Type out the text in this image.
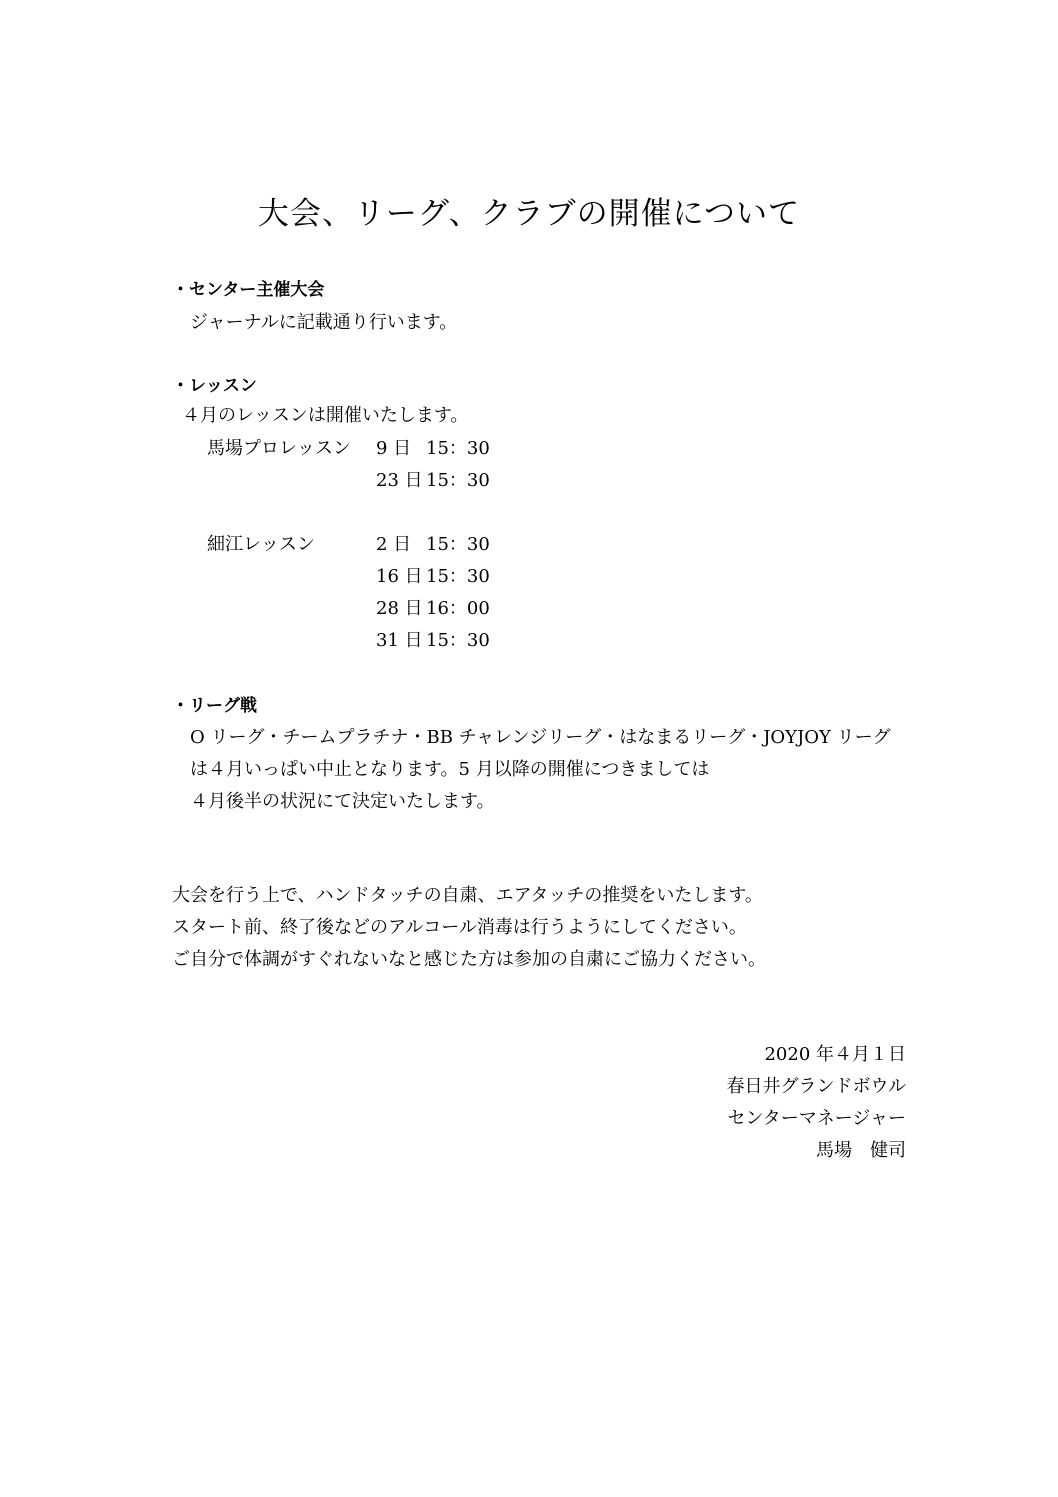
大会、リーグ、クラブの開催について
・センター主催大会
ジャーナルに記載通り行います。
・レッスン
４月のレッスンは開催いたします。
馬場プロレッスン 9 日 15：30
23 日 15：30
細江レッスン	2 日 15：30
16 日 15：30
28 日 16：00
31 日 15：30
・リーグ戦
O リーグ・チームプラチナ・BB チャレンジリーグ・はなまるリーグ・JOYJOY リーグ
は４月いっぱい中止となります。5 月以降の開催につきましては
４月後半の状況にて決定いたします。
大会を行う上で、ハンドタッチの自粛、エアタッチの推奨をいたします。
スタート前、終了後などのアルコール消毒は行うようにしてください。
ご自分で体調がすぐれないなと感じた方は参加の自粛にご協力ください。
2020 年４月１日
春日井グランドボウル
センターマネージャー
馬場　健司
